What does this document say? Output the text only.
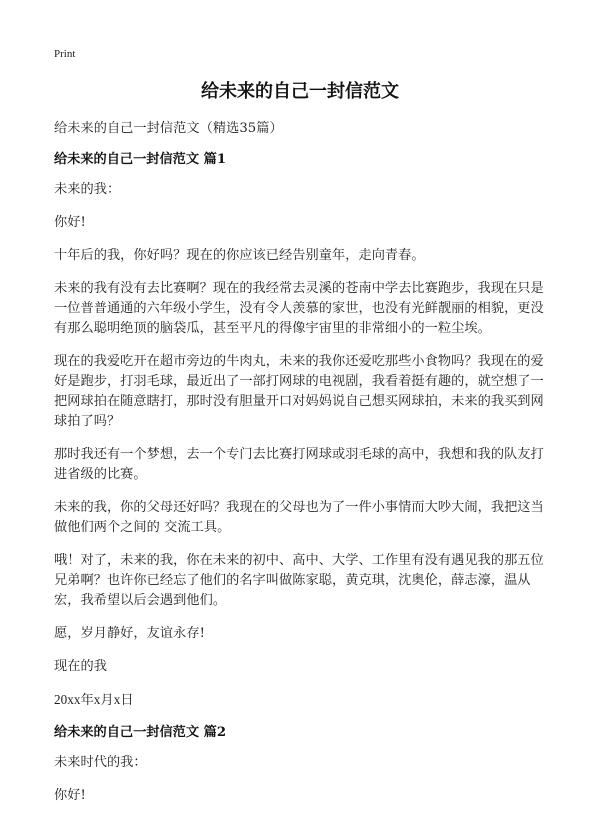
Print
给未来的自己一封信范文

给未来的自己一封信范文（精选35篇）

给未来的自己一封信范文 篇1

未来的我：

你好!

十年后的我，你好吗？现在的你应该已经告别童年，走向青春。

未来的我有没有去比赛啊？现在的我经常去灵溪的苍南中学去比赛跑步，我现在只是一位普普通通的六年级小学生，没有令人羡慕的家世，也没有光鲜靓丽的相貌，更没有那么聪明绝顶的脑袋瓜，甚至平凡的得像宇宙里的非常细小的一粒尘埃。

现在的我爱吃开在超市旁边的牛肉丸，未来的我你还爱吃那些小食物吗？我现在的爱好是跑步，打羽毛球，最近出了一部打网球的电视剧，我看着挺有趣的，就空想了一把网球拍在随意瞎打，那时没有胆量开口对妈妈说自己想买网球拍，未来的我买到网球拍了吗？

那时我还有一个梦想，去一个专门去比赛打网球或羽毛球的高中，我想和我的队友打进省级的比赛。

未来的我，你的父母还好吗？我现在的父母也为了一件小事情而大吵大闹，我把这当做他们两个之间的 交流工具。

哦！对了，未来的我，你在未来的初中、高中、大学、工作里有没有遇见我的那五位兄弟啊？也许你已经忘了他们的名字叫做陈家聪，黄克琪，沈奥伦，薛志濠，温从宏，我希望以后会遇到他们。

愿，岁月静好，友谊永存!

现在的我

20xx年x月x日

给未来的自己一封信范文 篇2

未来时代的我：

你好!
